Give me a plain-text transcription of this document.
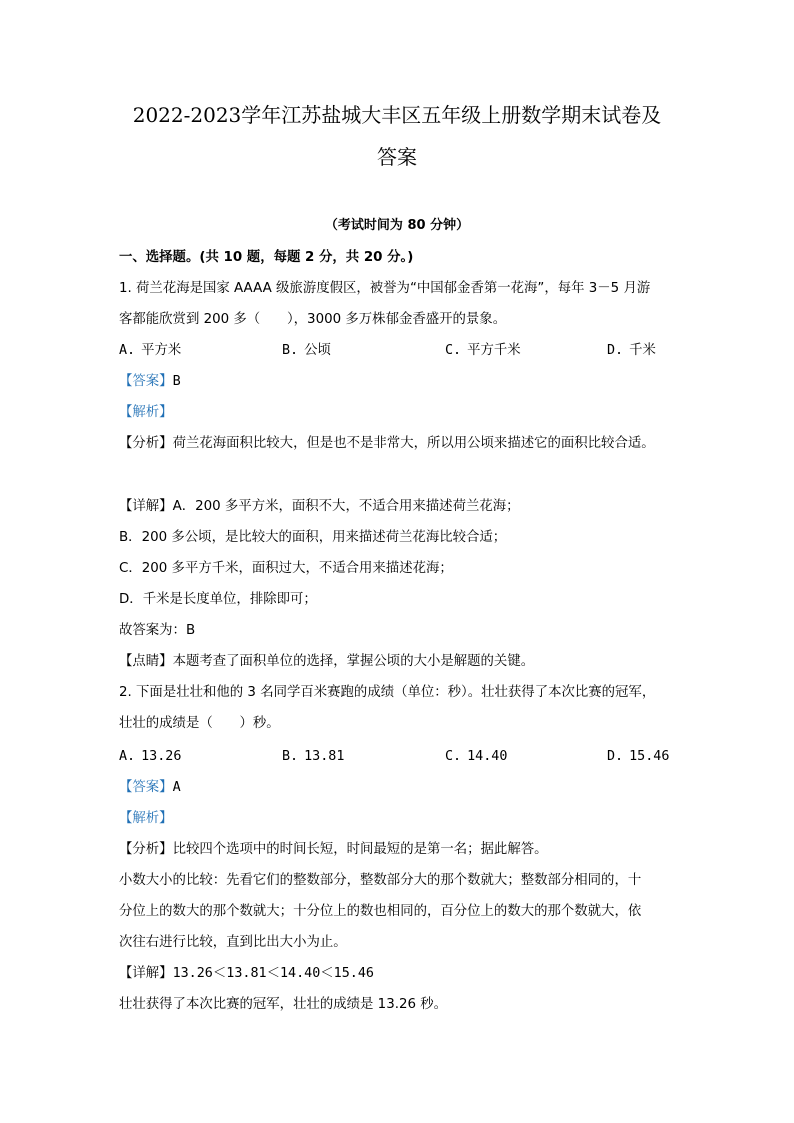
2022-2023学年江苏盐城大丰区五年级上册数学期末试卷及
答案
（考试时间为 80 分钟）
一、选择题。(共 10 题，每题 2 分，共 20 分。)
1. 荷兰花海是国家 AAAA 级旅游度假区，被誉为“中国郁金香第一花海”，每年 3－5 月游
客都能欣赏到 200 多（　　），3000 多万株郁金香盛开的景象。
A. 平方米	B. 公顷	C. 平方千米	D. 千米
【答案】B
【解析】
【分析】荷兰花海面积比较大，但是也不是非常大，所以用公顷来描述它的面积比较合适。
【详解】A．200 多平方米，面积不大，不适合用来描述荷兰花海；
B．200 多公顷，是比较大的面积，用来描述荷兰花海比较合适；
C．200 多平方千米，面积过大，不适合用来描述花海；
D．千米是长度单位，排除即可；
故答案为：B
【点睛】本题考查了面积单位的选择，掌握公顷的大小是解题的关键。
2. 下面是壮壮和他的 3 名同学百米赛跑的成绩（单位：秒）。壮壮获得了本次比赛的冠军，
壮壮的成绩是（　　）秒。
A. 13.26	B. 13.81	C. 14.40	D. 15.46
【答案】A
【解析】
【分析】比较四个选项中的时间长短，时间最短的是第一名；据此解答。
小数大小的比较：先看它们的整数部分，整数部分大的那个数就大；整数部分相同的，十
分位上的数大的那个数就大；十分位上的数也相同的，百分位上的数大的那个数就大，依
次往右进行比较，直到比出大小为止。
【详解】13.26＜13.81＜14.40＜15.46
壮壮获得了本次比赛的冠军，壮壮的成绩是 13.26 秒。
